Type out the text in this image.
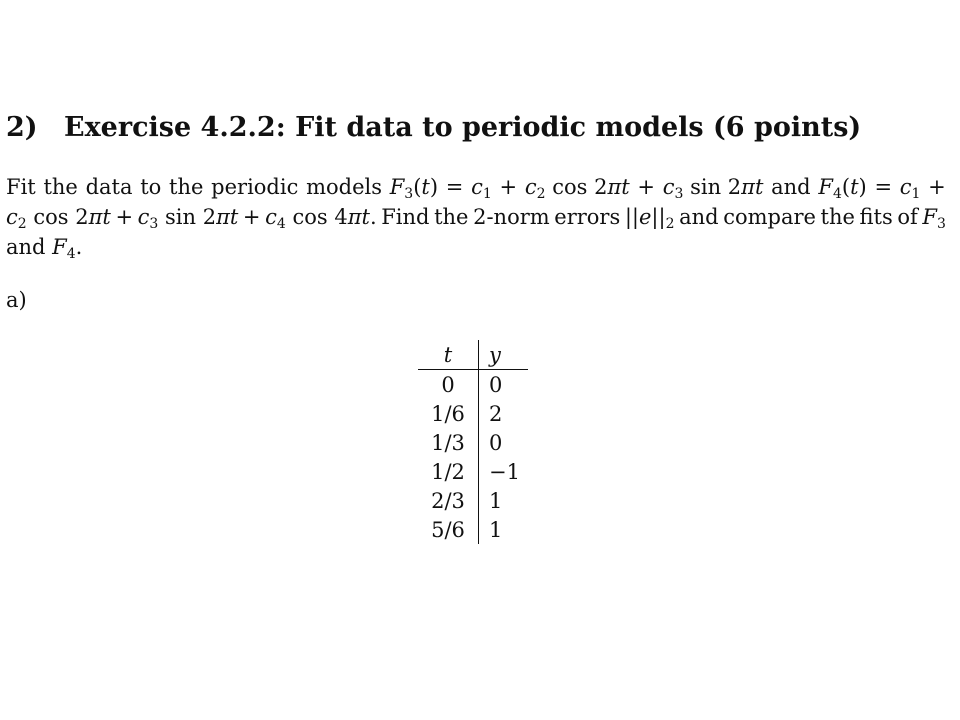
2) Exercise 4.2.2: Fit data to periodic models (6 points)
Fit the data to the periodic models $F_3(t) = c_1 + c_2$ $\cos 2\pi t + c_3$ sin 2πt and $F_4(t) = c_1$ +
$c_2$ $\cos 2\pi t + c_3$ $\sin 2\pi t + c_4$ cos 4πt. Find the 2-norm errors $||e||_2$ and compare the fits of $F_3$
and $F_4$.
a)
t	y
0	0
1/6	2
1/3	0
1/2	−1
2/3	1
5/6	1
